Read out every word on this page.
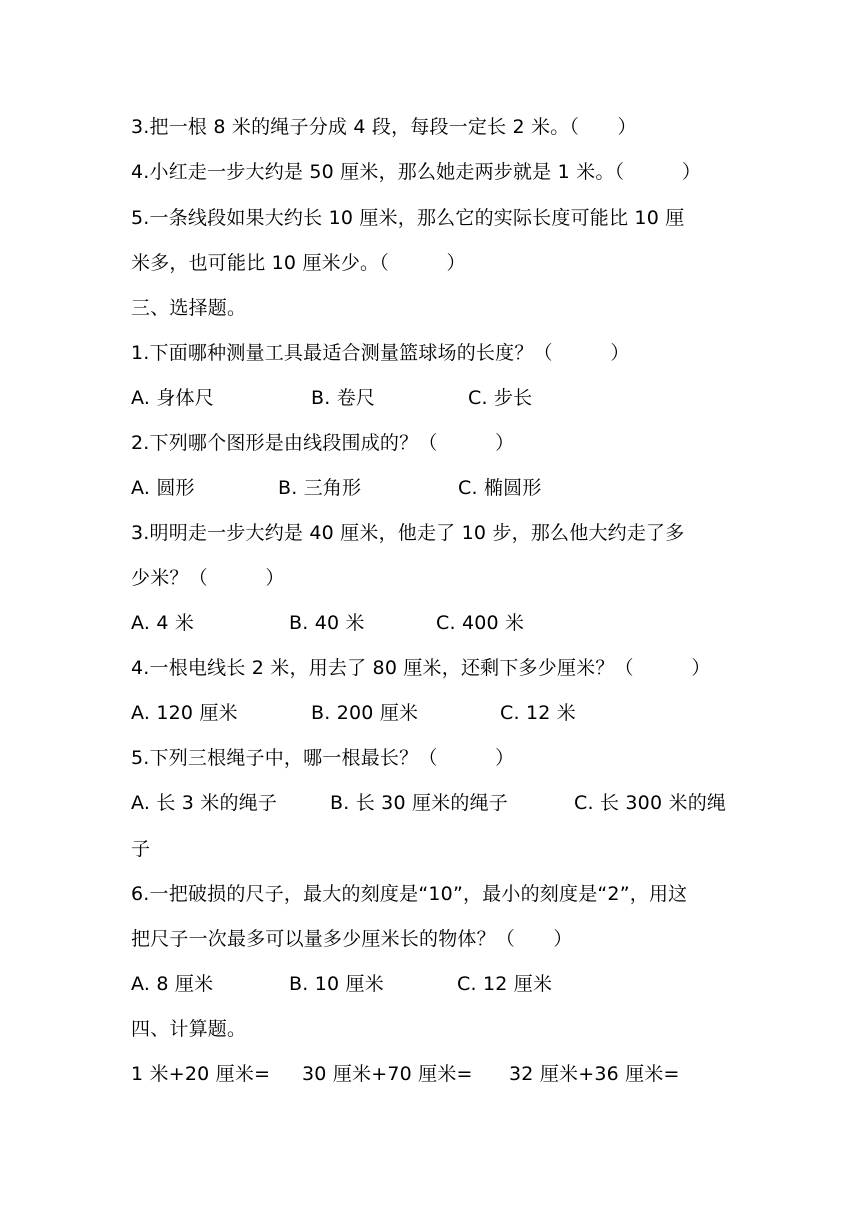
3.把一根 8 米的绳子分成 4 段，每段一定长 2 米。（　　）
4.小红走一步大约是 50 厘米，那么她走两步就是 1 米。（　　　）
5.一条线段如果大约长 10 厘米，那么它的实际长度可能比 10 厘
米多，也可能比 10 厘米少。（　　　）
三、选择题。
1.下面哪种测量工具最适合测量篮球场的长度？（　　　）
A. 身体尺	B. 卷尺	C. 步长
2.下列哪个图形是由线段围成的？（　　　）
A. 圆形	B. 三角形	C. 椭圆形
3.明明走一步大约是 40 厘米，他走了 10 步，那么他大约走了多
少米？（　　　）
A. 4 米	B. 40 米	C. 400 米
4.一根电线长 2 米，用去了 80 厘米，还剩下多少厘米？（　　　）
A. 120 厘米	B. 200 厘米	C. 12 米
5.下列三根绳子中，哪一根最长？（　　　）
A. 长 3 米的绳子	B. 长 30 厘米的绳子	C. 长 300 米的绳
子
6.一把破损的尺子，最大的刻度是“10”，最小的刻度是“2”，用这
把尺子一次最多可以量多少厘米长的物体？（　　）
A. 8 厘米	B. 10 厘米	C. 12 厘米
四、计算题。
1 米+20 厘米= 30 厘米+70 厘米= 32 厘米+36 厘米=
